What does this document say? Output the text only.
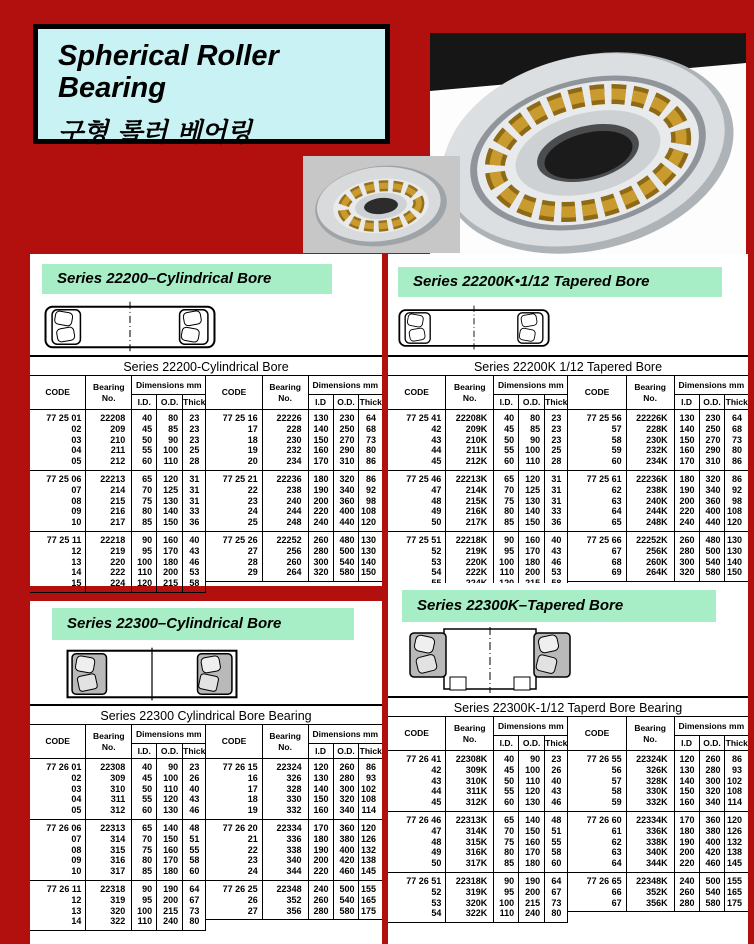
Spherical Roller Bearing
구형 롤러 베어링
Series 22200–Cylindrical Bore
Series 22200-Cylindrical Bore
CODE	Bearing
No.	Dimensions mm		
		I.D.	O.D.	Thick
77 25 01	22208	40	80	23
02	209	45	85	23
03	210	50	90	23
04	211	55	100	25
05	212	60	110	28
77 25 06	22213	65	120	31
07	214	70	125	31
08	215	75	130	31
09	216	80	140	33
10	217	85	150	36
77 25 11	22218	90	160	40
12	219	95	170	43
13	220	100	180	46
14	222	110	200	53
15	224	120	215	58
CODE	Bearing
No.	Dimensions mm		
		I.D	O.D.	Thick
77 25 16	22226	130	230	64
17	228	140	250	68
18	230	150	270	73
19	232	160	290	80
20	234	170	310	86
77 25 21	22236	180	320	86
22	238	190	340	92
23	240	200	360	98
24	244	220	400	108
25	248	240	440	120
77 25 26	22252	260	480	130
27	256	280	500	130
28	260	300	540	140
29	264	320	580	150
Series 22200K•1/12 Tapered Bore
Series 22200K 1/12 Tapered Bore
CODE	Bearing
No.	Dimensions mm		
		I.D.	O.D.	Thick
77 25 41	22208K	40	80	23
42	209K	45	85	23
43	210K	50	90	23
44	211K	55	100	25
45	212K	60	110	28
77 25 46	22213K	65	120	31
47	214K	70	125	31
48	215K	75	130	31
49	216K	80	140	33
50	217K	85	150	36
77 25 51	22218K	90	160	40
52	219K	95	170	43
53	220K	100	180	46
54	222K	110	200	53

CODE	Bearing
No.	Dimensions mm		
		I.D	O.D.	Thick
77 25 56	22226K	130	230	64
57	228K	140	250	68
58	230K	150	270	73
59	232K	160	290	80
60	234K	170	310	86
77 25 61	22236K	180	320	86
62	238K	190	340	92
63	240K	200	360	98
64	244K	220	400	108
65	248K	240	440	120
77 25 66	22252K	260	480	130
67	256K	280	500	130
68	260K	300	540	140
69	264K	320	580	150
Series 22300–Cylindrical Bore
Series 22300 Cylindrical Bore Bearing
CODE	Bearing
No.	Dimensions mm		
		I.D.	O.D.	Thick
77 26 01	22308	40	90	23
02	309	45	100	26
03	310	50	110	40
04	311	55	120	43
05	312	60	130	46
77 26 06	22313	65	140	48
07	314	70	150	51
08	315	75	160	55
09	316	80	170	58
10	317	85	180	60
77 26 11	22318	90	190	64
12	319	95	200	67
13	320	100	215	73
14	322	110	240	80
CODE	Bearing
No.	Dimensions mm		
		I.D	O.D.	Thick
77 26 15	22324	120	260	86
16	326	130	280	93
17	328	140	300	102
18	330	150	320	108
19	332	160	340	114
77 26 20	22334	170	360	120
21	336	180	380	126
22	338	190	400	132
23	340	200	420	138
24	344	220	460	145
77 26 25	22348	240	500	155
26	352	260	540	165
27	356	280	580	175
Series 22300K–Tapered Bore
Series 22300K-1/12 Taperd Bore Bearing
CODE	Bearing
No.	Dimensions mm		
		I.D.	O.D.	Thick
77 26 41	22308K	40	90	23
42	309K	45	100	26
43	310K	50	110	40
44	311K	55	120	43
45	312K	60	130	46
77 26 46	22313K	65	140	48
47	314K	70	150	51
48	315K	75	160	55
49	316K	80	170	58
50	317K	85	180	60
77 26 51	22318K	90	190	64
52	319K	95	200	67
53	320K	100	215	73
54	322K	110	240	80
CODE	Bearing
No.	Dimensions mm		
		I.D	O.D.	Thick
77 26 55	22324K	120	260	86
56	326K	130	280	93
57	328K	140	300	102
58	330K	150	320	108
59	332K	160	340	114
77 26 60	22334K	170	360	120
61	336K	180	380	126
62	338K	190	400	132
63	340K	200	420	138
64	344K	220	460	145
77 26 65	22348K	240	500	155
66	352K	260	540	165
67	356K	280	580	175
